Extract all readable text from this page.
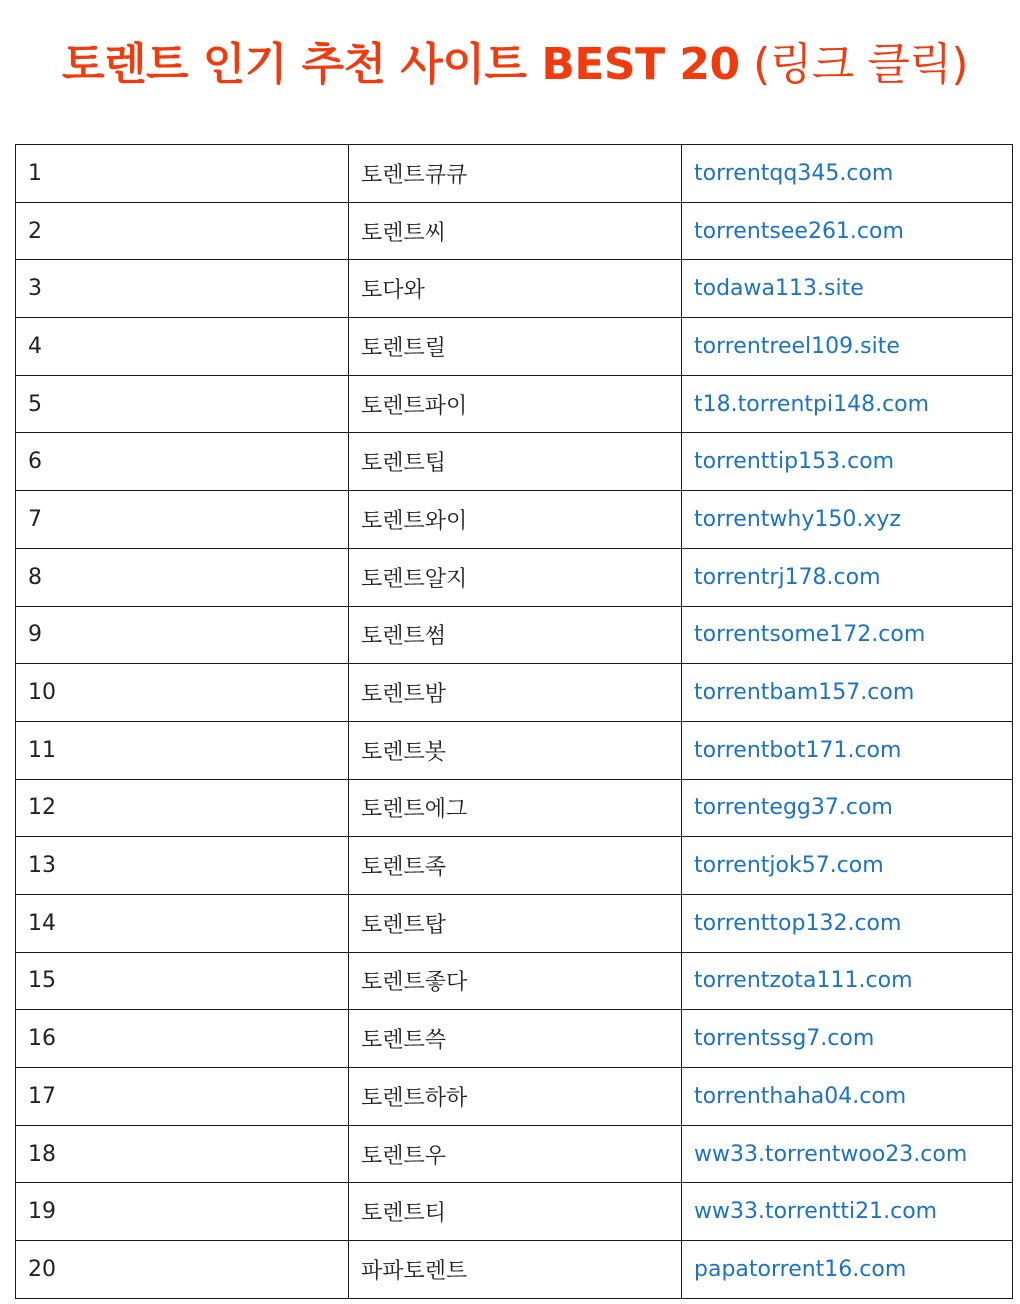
토렌트 인기 추천 사이트 BEST 20 (링크 클릭)
1	토렌트큐큐	torrentqq345.com
2	토렌트씨	torrentsee261.com
3	토다와	todawa113.site
4	토렌트릴	torrentreel109.site
5	토렌트파이	t18.torrentpi148.com
6	토렌트팁	torrenttip153.com
7	토렌트와이	torrentwhy150.xyz
8	토렌트알지	torrentrj178.com
9	토렌트썸	torrentsome172.com
10	토렌트밤	torrentbam157.com
11	토렌트봇	torrentbot171.com
12	토렌트에그	torrentegg37.com
13	토렌트족	torrentjok57.com
14	토렌트탑	torrenttop132.com
15	토렌트좋다	torrentzota111.com
16	토렌트쓱	torrentssg7.com
17	토렌트하하	torrenthaha04.com
18	토렌트우	ww33.torrentwoo23.com
19	토렌트티	ww33.torrentti21.com
20	파파토렌트	papatorrent16.com
